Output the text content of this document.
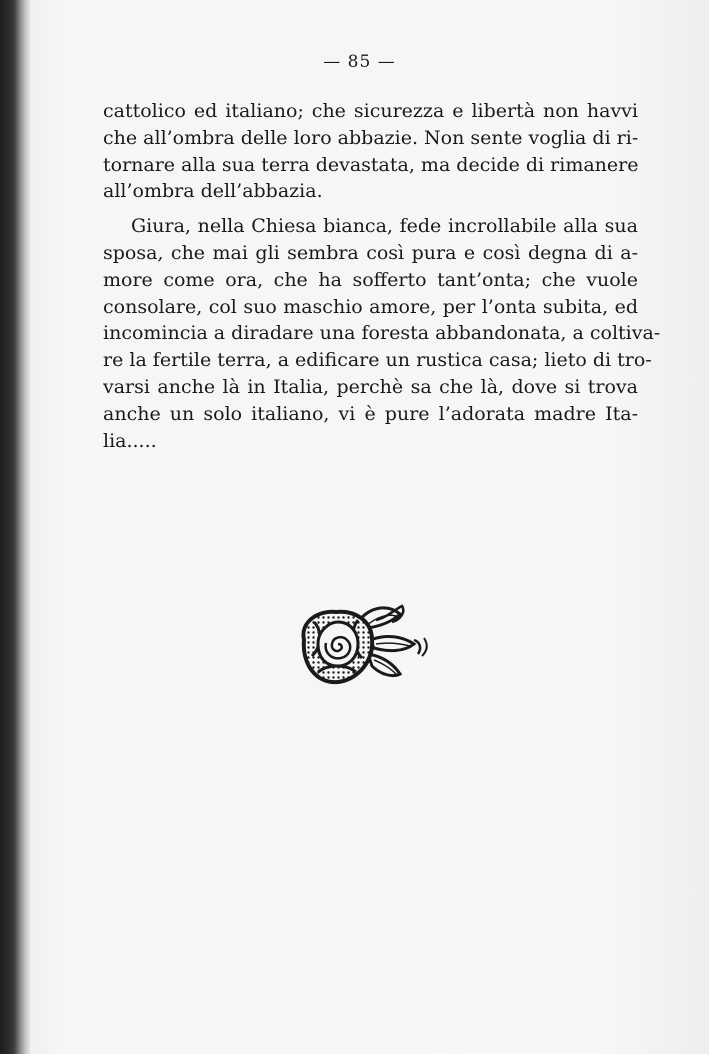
— 85 —
cattolico ed italiano; che sicurezza e libertà non havvi
che all’ombra delle loro abbazie. Non sente voglia di ri-
tornare alla sua terra devastata, ma decide di rimanere
all’ombra dell’abbazia.
Giura, nella Chiesa bianca, fede incrollabile alla sua
sposa, che mai gli sembra così pura e così degna di a-
more come ora, che ha sofferto tant’onta; che vuole
consolare, col suo maschio amore, per l’onta subita, ed
incomincia a diradare una foresta abbandonata, a coltiva-
re la fertile terra, a edificare un rustica casa; lieto di tro-
varsi anche là in Italia, perchè sa che là, dove si trova
anche un solo italiano, vi è pure l’adorata madre Ita-
lia.....
